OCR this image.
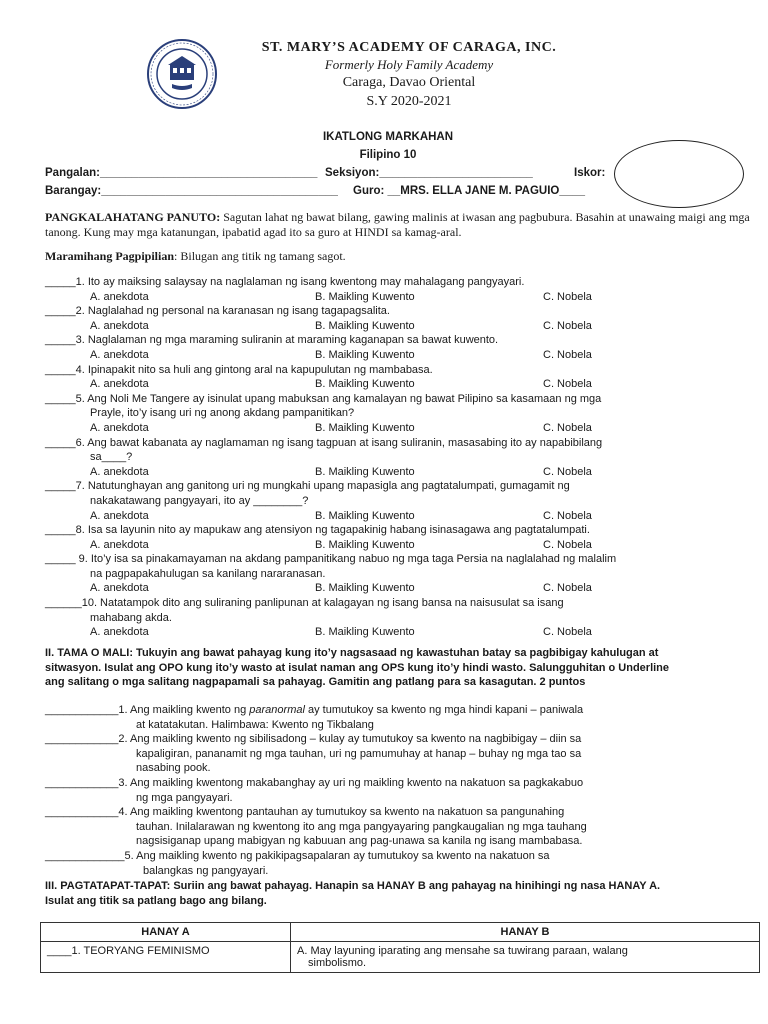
ST. MARY’S ACADEMY OF CARAGA, INC.
Formerly Holy Family Academy
Caraga, Davao Oriental
S.Y 2020-2021
IKATLONG MARKAHAN
Filipino 10
Pangalan:__________________________________ Seksiyon:________________________	Iskor:
Barangay:_____________________________________ Guro: __MRS. ELLA JANE M. PAGUIO____
PANGKALAHATANG PANUTO: Sagutan lahat ng bawat bilang, gawing malinis at iwasan ang pagbubura. Basahin at unawaing maigi ang mga tanong. Kung may mga katanungan, ipabatid agad ito sa guro at HINDI sa kamag-aral.
Maramihang Pagpipilian: Bilugan ang titik ng tamang sagot.
_____1. Ito ay maiksing salaysay na naglalaman ng isang kwentong may mahalagang pangyayari.
A. anekdota	B. Maikling Kuwento	C. Nobela
_____2. Naglalahad ng personal na karanasan ng isang tagapagsalita.
A. anekdota	B. Maikling Kuwento	C. Nobela
_____3. Naglalaman ng mga maraming suliranin at maraming kaganapan sa bawat kuwento.
A. anekdota	B. Maikling Kuwento	C. Nobela
_____4. Ipinapakit nito sa huli ang gintong aral na kapupulutan ng mambabasa.
A. anekdota	B. Maikling Kuwento	C. Nobela
_____5. Ang Noli Me Tangere ay isinulat upang mabuksan ang kamalayan ng bawat Pilipino sa kasamaan ng mga
Prayle, ito’y isang uri ng anong akdang pampanitikan?
A. anekdota	B. Maikling Kuwento	C. Nobela
_____6. Ang bawat kabanata ay naglamaman ng isang tagpuan at isang suliranin, masasabing ito ay napabibilang
sa____?
A. anekdota	B. Maikling Kuwento	C. Nobela
_____7. Natutunghayan ang ganitong uri ng mungkahi upang mapasigla ang pagtatalumpati, gumagamit ng
nakakatawang pangyayari, ito ay ________?
A. anekdota	B. Maikling Kuwento	C. Nobela
_____8. Isa sa layunin nito ay mapukaw ang atensiyon ng tagapakinig habang isinasagawa ang pagtatalumpati.
A. anekdota	B. Maikling Kuwento	C. Nobela
_____ 9. Ito’y isa sa pinakamayaman na akdang pampanitikang nabuo ng mga taga Persia na naglalahad ng malalim
na pagpapakahulugan sa kanilang nararanasan.
A. anekdota	B. Maikling Kuwento	C. Nobela
______10. Natatampok dito ang suliraning panlipunan at kalagayan ng isang bansa na naisusulat sa isang
mahabang akda.
A. anekdota	B. Maikling Kuwento	C. Nobela
II. TAMA O MALI: Tukuyin ang bawat pahayag kung ito’y nagsasaad ng kawastuhan batay sa pagbibigay kahulugan at
sitwasyon. Isulat ang OPO kung ito’y wasto at isulat naman ang OPS kung ito’y hindi wasto. Salungguhitan o Underline
ang salitang o mga salitang nagpapamali sa pahayag. Gamitin ang patlang para sa kasagutan. 2 puntos
____________1. Ang maikling kwento ng paranormal ay tumutukoy sa kwento ng mga hindi kapani – paniwala
at katatakutan. Halimbawa: Kwento ng Tikbalang
____________2. Ang maikling kwento ng sibilisadong – kulay ay tumutukoy sa kwento na nagbibigay – diin sa
kapaligiran, pananamit ng mga tauhan, uri ng pamumuhay at hanap – buhay ng mga tao sa
nasabing pook.
____________3. Ang maikling kwentong makabanghay ay uri ng maikling kwento na nakatuon sa pagkakabuo
ng mga pangyayari.
____________4. Ang maikling kwentong pantauhan ay tumutukoy sa kwento na nakatuon sa pangunahing
tauhan. Inilalarawan ng kwentong ito ang mga pangyayaring pangkaugalian ng mga tauhang
nagsisiganap upang mabigyan ng kabuuan ang pag-unawa sa kanila ng isang mambabasa.
_____________5. Ang maikling kwento ng pakikipagsapalaran ay tumutukoy sa kwento na nakatuon sa
balangkas ng pangyayari.
III. PAGTATAPAT-TAPAT: Suriin ang bawat pahayag. Hanapin sa HANAY B ang pahayag na hinihingi ng nasa HANAY A.
Isulat ang titik sa patlang bago ang bilang.
HANAY A	HANAY B
____1. TEORYANG FEMINISMO	A. May layuning iparating ang mensahe sa tuwirang paraan, walang
simbolismo.
